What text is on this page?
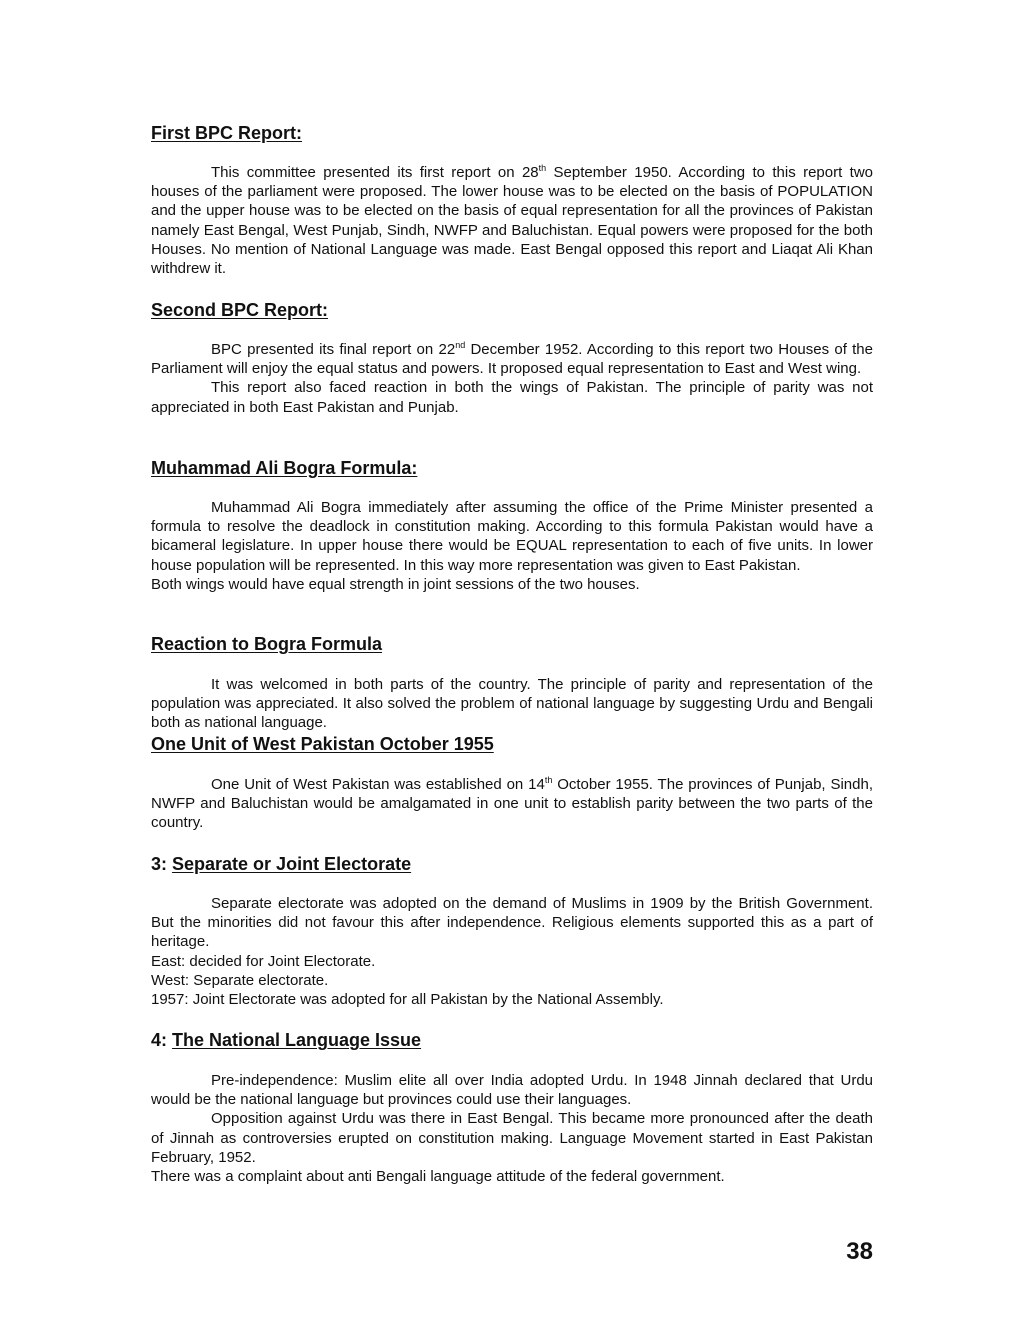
First BPC Report:

This committee presented its first report on 28th September 1950. According to this report two houses of the parliament were proposed. The lower house was to be elected on the basis of POPULATION and the upper house was to be elected on the basis of equal representation for all the provinces of Pakistan namely East Bengal, West Punjab, Sindh, NWFP and Baluchistan. Equal powers were proposed for the both Houses. No mention of National Language was made. East Bengal opposed this report and Liaqat Ali Khan withdrew it.

Second BPC Report:

BPC presented its final report on 22nd December 1952. According to this report two Houses of the Parliament will enjoy the equal status and powers. It proposed equal representation to East and West wing.

This report also faced reaction in both the wings of Pakistan. The principle of parity was not appreciated in both East Pakistan and Punjab.

Muhammad Ali Bogra Formula:

Muhammad Ali Bogra immediately after assuming the office of the Prime Minister presented a formula to resolve the deadlock in constitution making. According to this formula Pakistan would have a bicameral legislature. In upper house there would be EQUAL representation to each of five units. In lower house population will be represented. In this way more representation was given to East Pakistan.

Both wings would have equal strength in joint sessions of the two houses.

Reaction to Bogra Formula

It was welcomed in both parts of the country. The principle of parity and representation of the population was appreciated. It also solved the problem of national language by suggesting Urdu and Bengali both as national language.

One Unit of West Pakistan October 1955

One Unit of West Pakistan was established on 14th October 1955. The provinces of Punjab, Sindh, NWFP and Baluchistan would be amalgamated in one unit to establish parity between the two parts of the country.

3: Separate or Joint Electorate

Separate electorate was adopted on the demand of Muslims in 1909 by the British Government. But the minorities did not favour this after independence. Religious elements supported this as a part of heritage.

East: decided for Joint Electorate.

West: Separate electorate.

1957: Joint Electorate was adopted for all Pakistan by the National Assembly.

4: The National Language Issue

Pre-independence: Muslim elite all over India adopted Urdu. In 1948 Jinnah declared that Urdu would be the national language but provinces could use their languages.

Opposition against Urdu was there in East Bengal. This became more pronounced after the death of Jinnah as controversies erupted on constitution making. Language Movement started in East Pakistan February, 1952.

There was a complaint about anti Bengali language attitude of the federal government.

38
